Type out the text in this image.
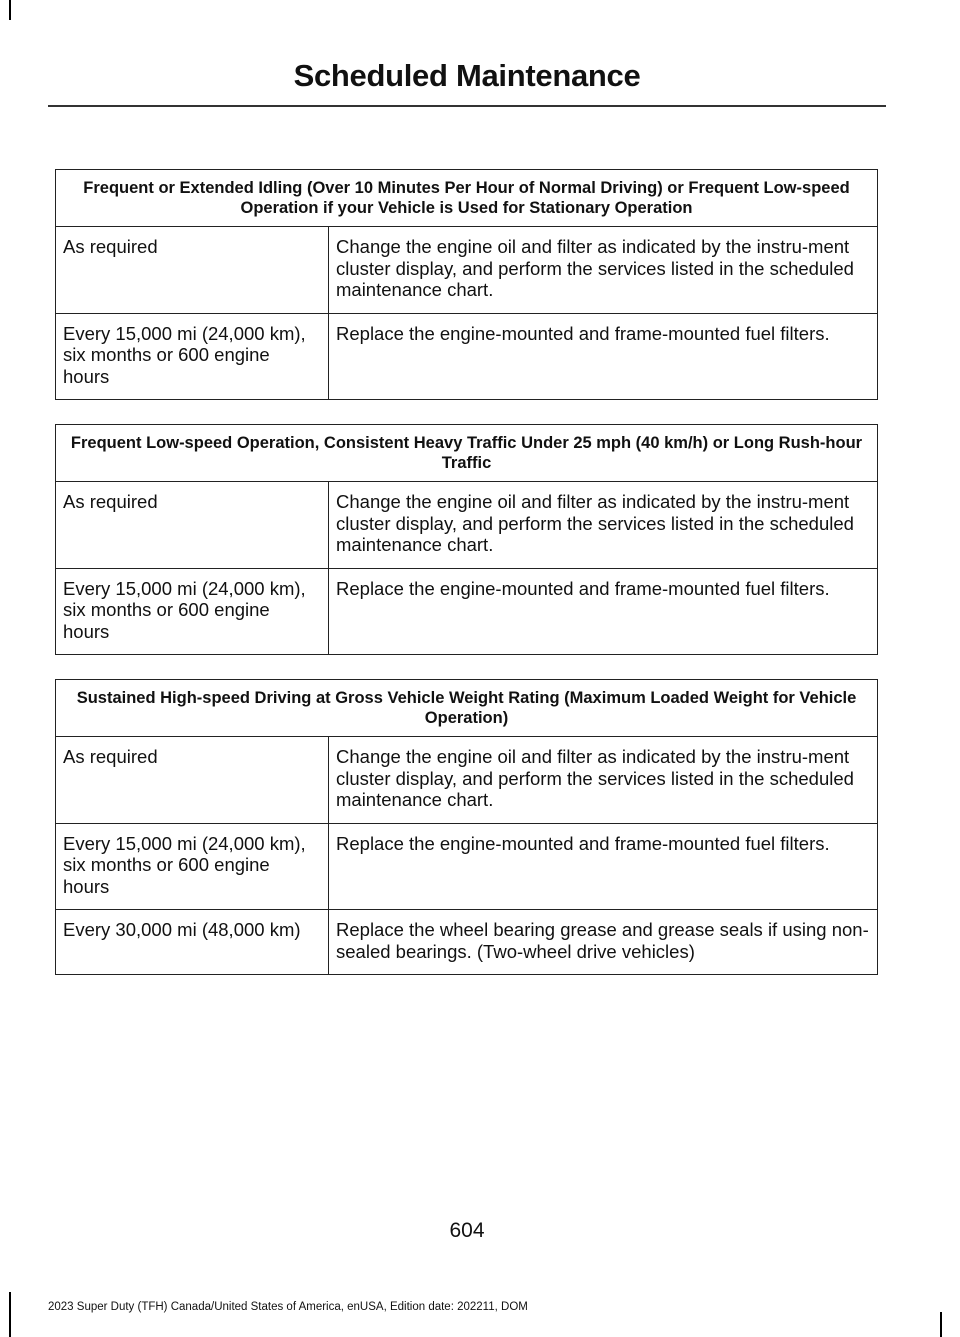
Scheduled Maintenance
Frequent or Extended Idling (Over 10 Minutes Per Hour of Normal Driving) or Frequent Low-speed Operation if your Vehicle is Used for Stationary Operation	
As required	Change the engine oil and filter as indicated by the instru-ment cluster display, and perform the services listed in the scheduled maintenance chart.
Every 15,000 mi (24,000 km), six months or 600 engine hours	Replace the engine-mounted and frame-mounted fuel filters.
Frequent Low-speed Operation, Consistent Heavy Traffic Under 25 mph (40 km/h) or Long Rush-hour Traffic	
As required	Change the engine oil and filter as indicated by the instru-ment cluster display, and perform the services listed in the scheduled maintenance chart.
Every 15,000 mi (24,000 km), six months or 600 engine hours	Replace the engine-mounted and frame-mounted fuel filters.
Sustained High-speed Driving at Gross Vehicle Weight Rating (Maximum Loaded Weight for Vehicle Operation)	
As required	Change the engine oil and filter as indicated by the instru-ment cluster display, and perform the services listed in the scheduled maintenance chart.
Every 15,000 mi (24,000 km), six months or 600 engine hours	Replace the engine-mounted and frame-mounted fuel filters.
Every 30,000 mi (48,000 km)	Replace the wheel bearing grease and grease seals if using non-sealed bearings. (Two-wheel drive vehicles)
604
2023 Super Duty (TFH) Canada/United States of America, enUSA, Edition date: 202211, DOM
